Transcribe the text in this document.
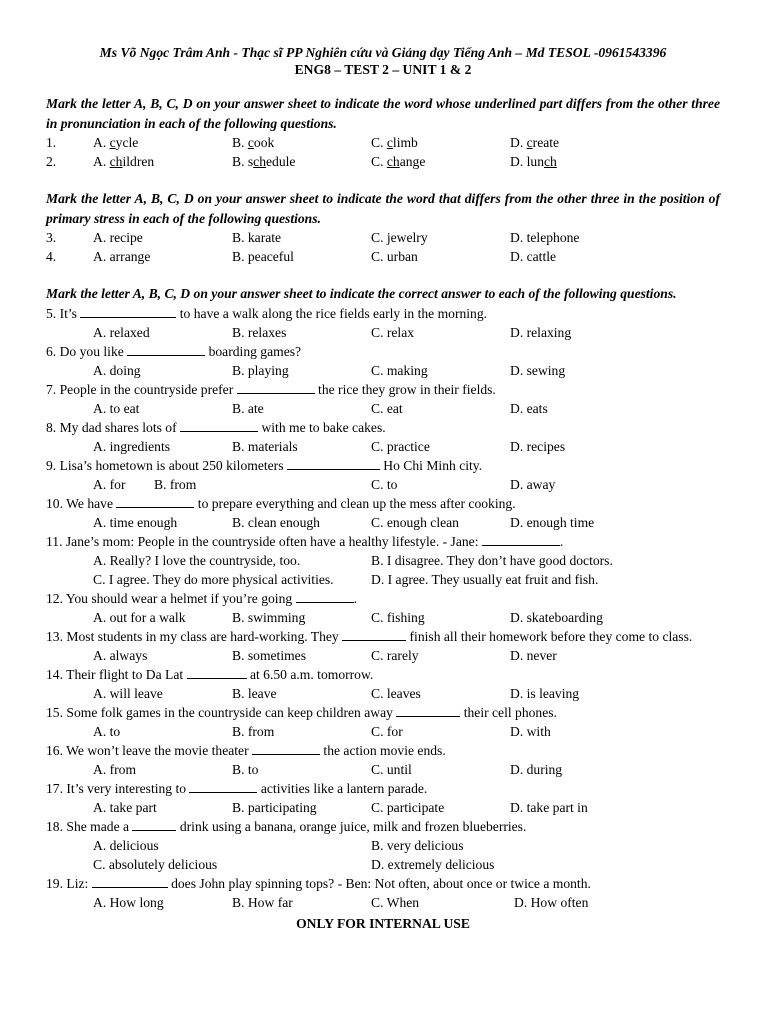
Ms Võ Ngọc Trâm Anh - Thạc sĩ PP Nghiên cứu và Giảng dạy Tiếng Anh – Md TESOL -0961543396
ENG8 – TEST 2 – UNIT 1 & 2
Mark the letter A, B, C, D on your answer sheet to indicate the word whose underlined part differs from the other three in pronunciation in each of the following questions.
1.	A. cycle	B. cook	C. climb	D. create
2.	A. children	B. schedule	C. change	D. lunch
Mark the letter A, B, C, D on your answer sheet to indicate the word that differs from the other three in the position of primary stress in each of the following questions.
3.	A. recipe	B. karate	C. jewelry	D. telephone
4.	A. arrange	B. peaceful	C. urban	D. cattle
Mark the letter A, B, C, D on your answer sheet to indicate the correct answer to each of the following questions.
5. It’s	to have a walk along the rice fields early in the morning.
A. relaxed	B. relaxes	C. relax	D. relaxing
6. Do you like	boarding games?
A. doing	B. playing	C. making	D. sewing
7. People in the countryside prefer	the rice they grow in their fields.
A. to eat	B. ate	C. eat	D. eats
8. My dad shares lots of	with me to bake cakes.
A. ingredients	B. materials	C. practice	D. recipes
9. Lisa’s hometown is about 250 kilometers	Ho Chi Minh city.
A. for B. from	C. to	D. away
10. We have	to prepare everything and clean up the mess after cooking.
A. time enough	B. clean enough	C. enough clean	D. enough time
11. Jane’s mom: People in the countryside often have a healthy lifestyle. - Jane:	.
A. Really? I love the countryside, too.	B. I disagree. They don’t have good doctors.
C. I agree. They do more physical activities.	D. I agree. They usually eat fruit and fish.
12. You should wear a helmet if you’re going	.
A. out for a walk	B. swimming	C. fishing	D. skateboarding
13. Most students in my class are hard-working. They	finish all their homework before they come to class.
A. always	B. sometimes	C. rarely	D. never
14. Their flight to Da Lat	at 6.50 a.m. tomorrow.
A. will leave	B. leave	C. leaves	D. is leaving
15. Some folk games in the countryside can keep children away	their cell phones.
A. to	B. from	C. for	D. with
16. We won’t leave the movie theater	the action movie ends.
A. from	B. to	C. until	D. during
17. It’s very interesting to	activities like a lantern parade.
A. take part	B. participating	C. participate	D. take part in
18. She made a	drink using a banana, orange juice, milk and frozen blueberries.
A. delicious	B. very delicious
C. absolutely delicious	D. extremely delicious
19. Liz:	does John play spinning tops? - Ben: Not often, about once or twice a month.
A. How long	B. How far	C. When	D. How often
ONLY FOR INTERNAL USE
